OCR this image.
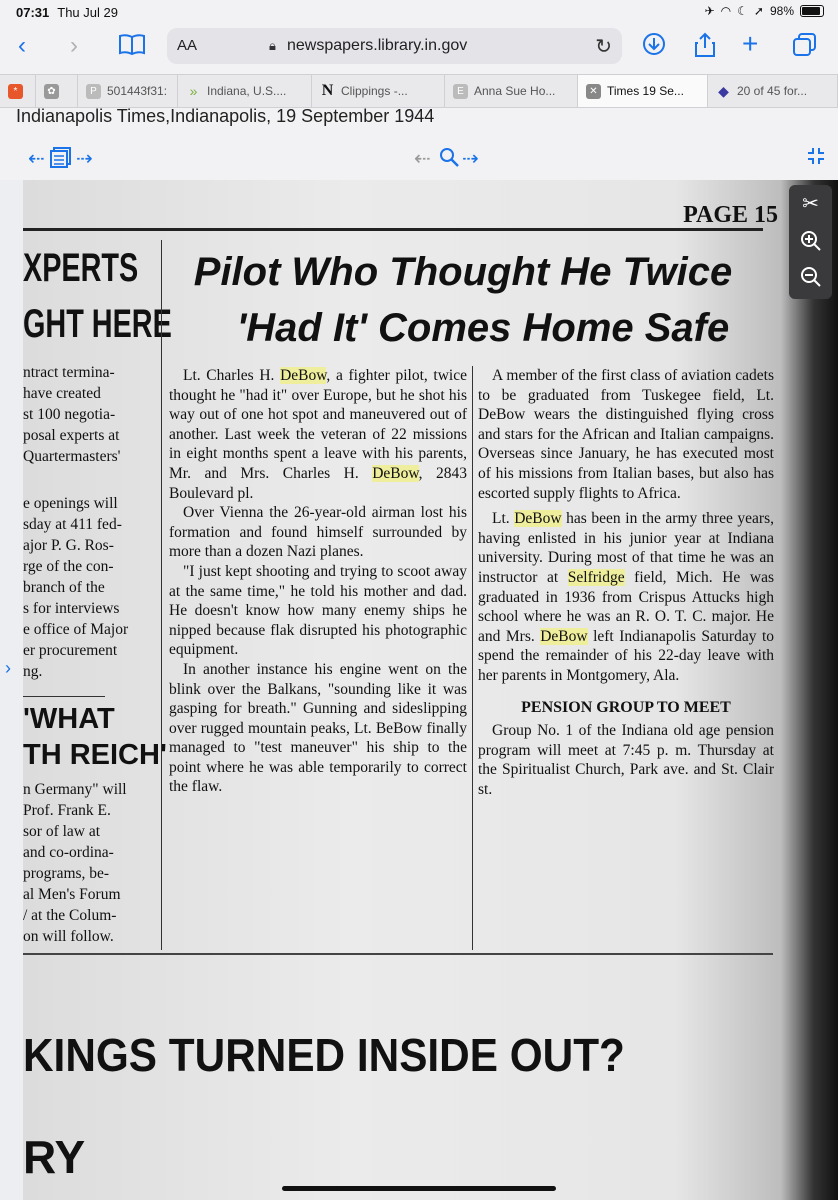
07:31 Thu Jul 29	✈ ◠ ☾ ➚ 98%
‹ ›	AA	🔒︎ newspapers.library.in.gov	↻	+
*	✿	P 501443f31: » Indiana, U.S.... N Clippings -...	E Anna Sue Ho...	✕ Times 19 Se... ◆ 20 of 45 for...
Indianapolis Times,Indianapolis, 19 September 1944
⇠ ⇢	⇠ ⇢
›
PAGE 15
XPERTS
GHT HERE

ntract termina-

have created

st 100 negotia-

posal experts at

Quartermasters'

e openings will

sday at 411 fed-

ajor P. G. Ros-

rge of the con-

branch of the

s for interviews

e office of Major

er procurement

ng.

'WHAT
TH REICH'

n Germany" will

Prof. Frank E.

sor of law at

and co-ordina-

programs, be-

al Men's Forum

/ at the Colum-

on will follow.

Pilot Who Thought He Twice
'Had It' Comes Home Safe

Lt. Charles H. DeBow, a fighter pilot, twice thought he "had it" over Europe, but he shot his way out of one hot spot and maneuvered out of another. Last week the veteran of 22 missions in eight months spent a leave with his parents, Mr. and Mrs. Charles H. DeBow, 2843 Boulevard pl.

Over Vienna the 26-year-old airman lost his formation and found himself surrounded by more than a dozen Nazi planes.

"I just kept shooting and trying to scoot away at the same time," he told his mother and dad. He doesn't know how many enemy ships he nipped because flak disrupted his photographic equipment.

In another instance his engine went on the blink over the Balkans, "sounding like it was gasping for breath." Gunning and sideslipping over rugged mountain peaks, Lt. BeBow finally managed to "test maneuver" his ship to the point where he was able temporarily to correct the flaw.

A member of the first class of aviation cadets to be graduated from Tuskegee field, Lt. DeBow wears the distinguished flying cross and stars for the African and Italian campaigns. Overseas since January, he has executed most of his missions from Italian bases, but also has escorted supply flights to Africa.

Lt. DeBow has been in the army three years, having enlisted in his junior year at Indiana university. During most of that time he was an instructor at Selfridge field, Mich. He was graduated in 1936 from Crispus Attucks high school where he was an R. O. T. C. major. He and Mrs. DeBow left Indianapolis Saturday to spend the remainder of his 22-day leave with her parents in Montgomery, Ala.

PENSION GROUP TO MEET

Group No. 1 of the Indiana old age pension program will meet at 7:45 p. m. Thursday at the Spiritualist Church, Park ave. and St. Clair st.

KINGS TURNED INSIDE OUT?
RY
✂
